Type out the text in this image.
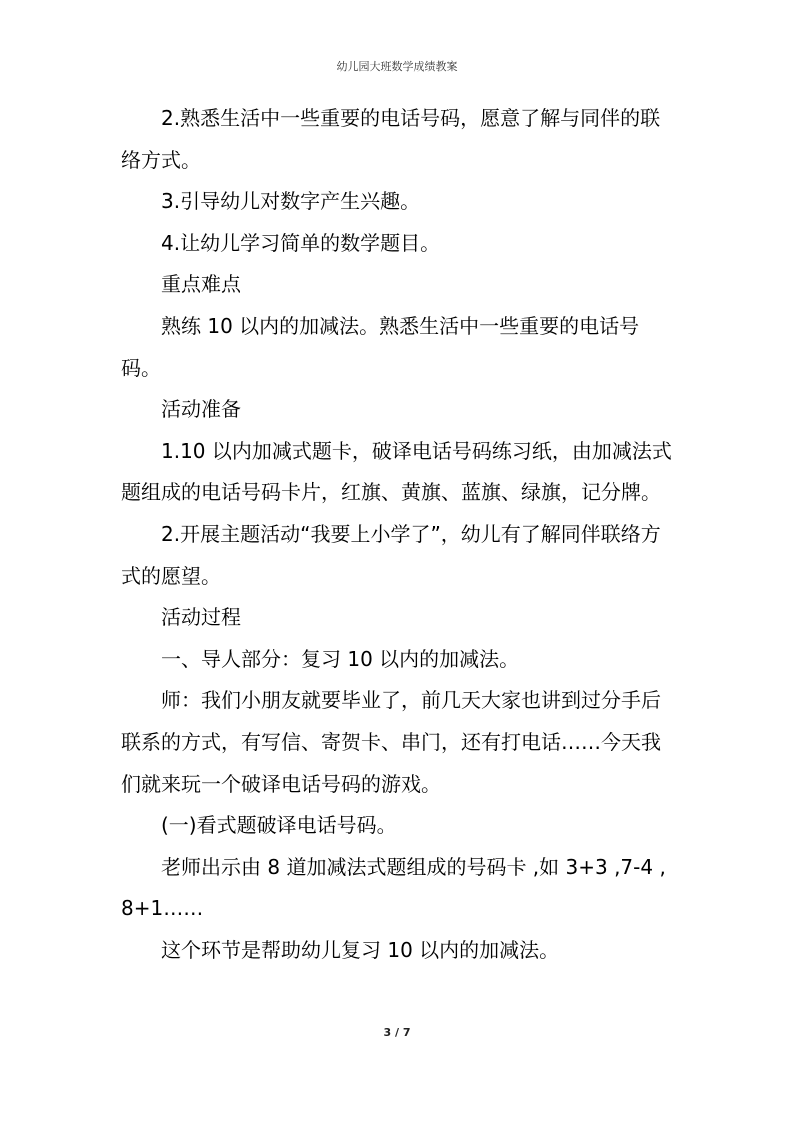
幼儿园大班数学成绩教案

2.熟悉生活中一些重要的电话号码，愿意了解与同伴的联络方式。

3.引导幼儿对数字产生兴趣。

4.让幼儿学习简单的数学题目。

重点难点

熟练 10 以内的加减法。熟悉生活中一些重要的电话号码。

活动准备

1.10 以内加减式题卡，破译电话号码练习纸，由加减法式题组成的电话号码卡片，红旗、黄旗、蓝旗、绿旗，记分牌。

2.开展主题活动“我要上小学了”，幼儿有了解同伴联络方式的愿望。

活动过程

一、导人部分：复习 10 以内的加减法。

师：我们小朋友就要毕业了，前几天大家也讲到过分手后联系的方式，有写信、寄贺卡、串门，还有打电话……今天我们就来玩一个破译电话号码的游戏。

(一)看式题破译电话号码。

老师出示由 8 道加减法式题组成的号码卡 ,如 3+3 ,7-4 ,8+1……

这个环节是帮助幼儿复习 10 以内的加减法。

3 / 7
